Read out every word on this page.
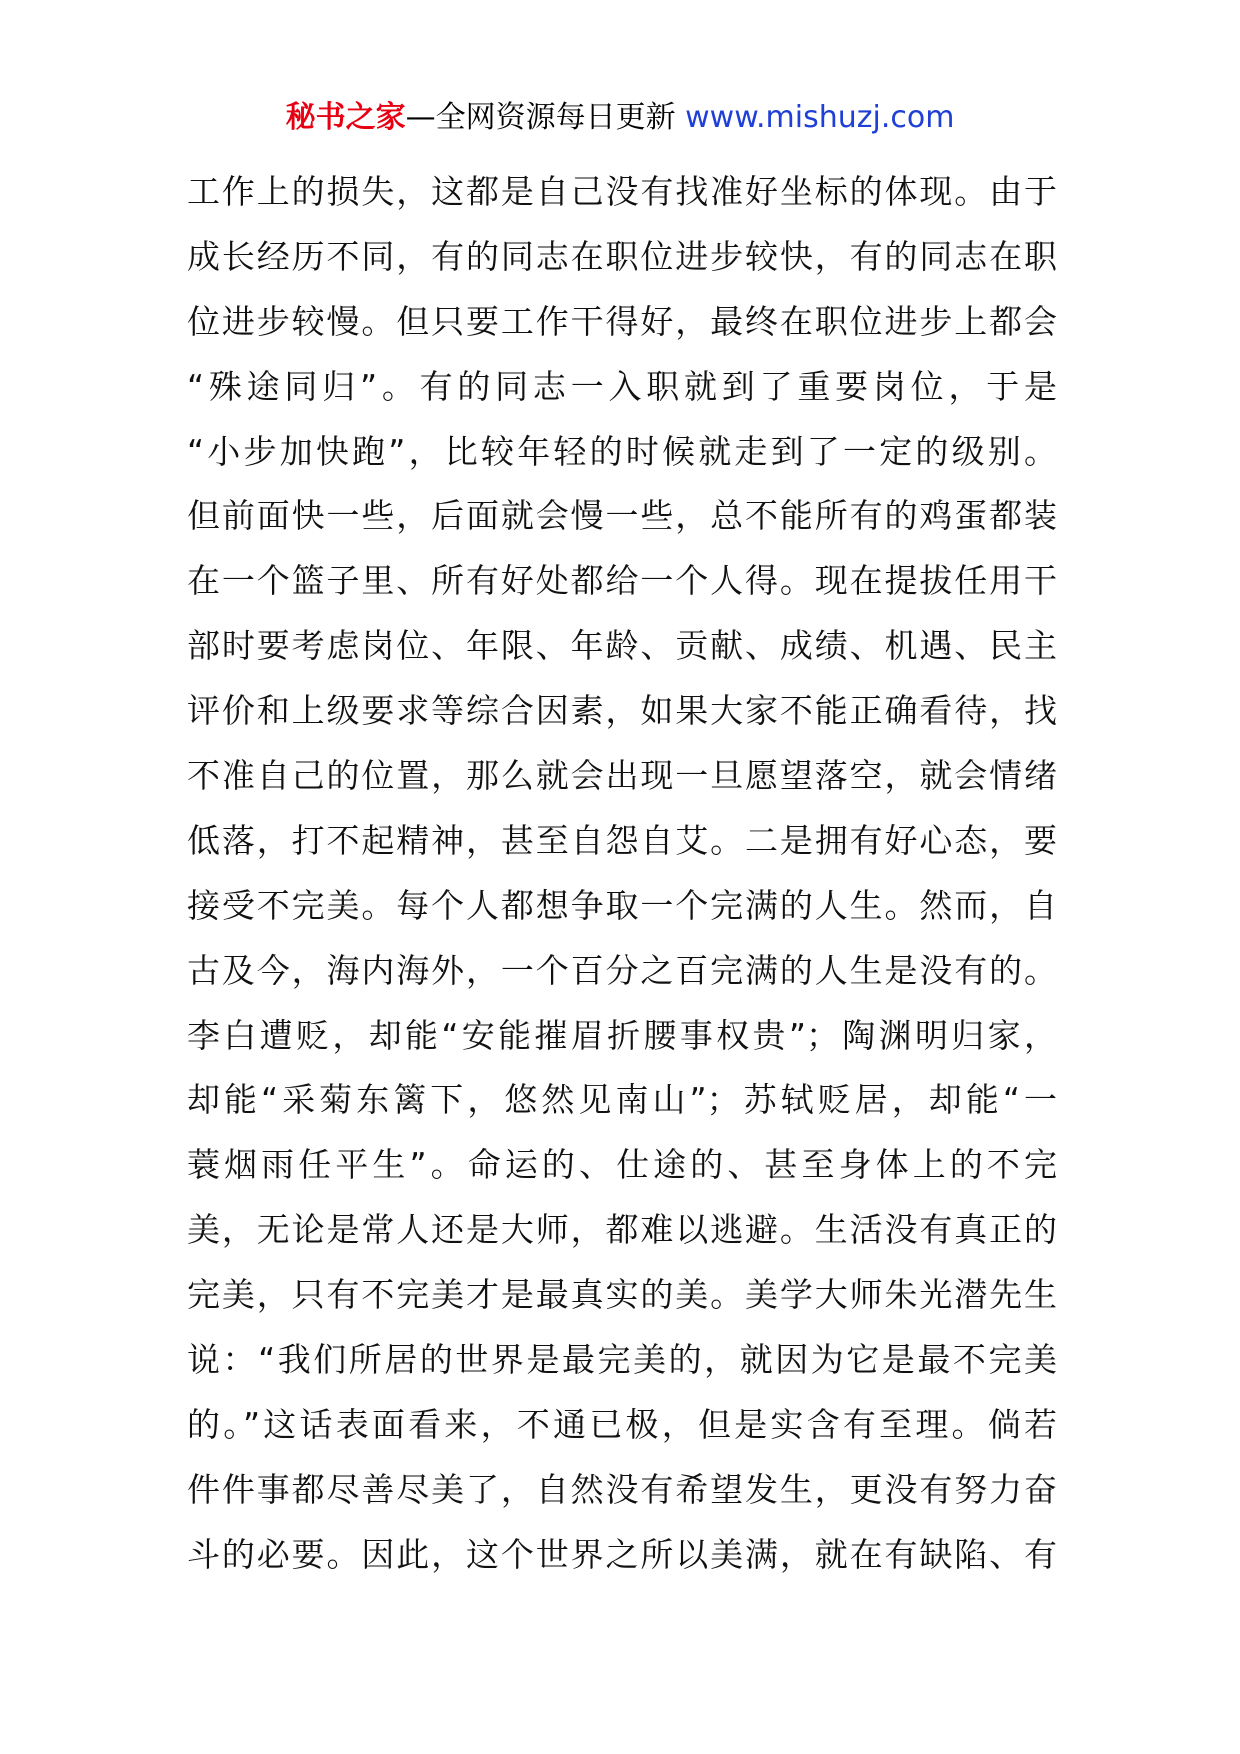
秘书之家—全网资源每日更新 www.mishuzj.com
工作上的损失，这都是自己没有找准好坐标的体现。由于
成长经历不同，有的同志在职位进步较快，有的同志在职
位进步较慢。但只要工作干得好，最终在职位进步上都会
“殊途同归”。有的同志一入职就到了重要岗位，于是
“小步加快跑”，比较年轻的时候就走到了一定的级别。
但前面快一些，后面就会慢一些，总不能所有的鸡蛋都装
在一个篮子里、所有好处都给一个人得。现在提拔任用干
部时要考虑岗位、年限、年龄、贡献、成绩、机遇、民主
评价和上级要求等综合因素，如果大家不能正确看待，找
不准自己的位置，那么就会出现一旦愿望落空，就会情绪
低落，打不起精神，甚至自怨自艾。二是拥有好心态，要
接受不完美。每个人都想争取一个完满的人生。然而，自
古及今，海内海外，一个百分之百完满的人生是没有的。
李白遭贬，却能“安能摧眉折腰事权贵”；陶渊明归家，
却能“采菊东篱下，悠然见南山”；苏轼贬居，却能“一
蓑烟雨任平生”。命运的、仕途的、甚至身体上的不完
美，无论是常人还是大师，都难以逃避。生活没有真正的
完美，只有不完美才是最真实的美。美学大师朱光潜先生
说：“我们所居的世界是最完美的，就因为它是最不完美
的。”这话表面看来，不通已极，但是实含有至理。倘若
件件事都尽善尽美了，自然没有希望发生，更没有努力奋
斗的必要。因此，这个世界之所以美满，就在有缺陷、有
